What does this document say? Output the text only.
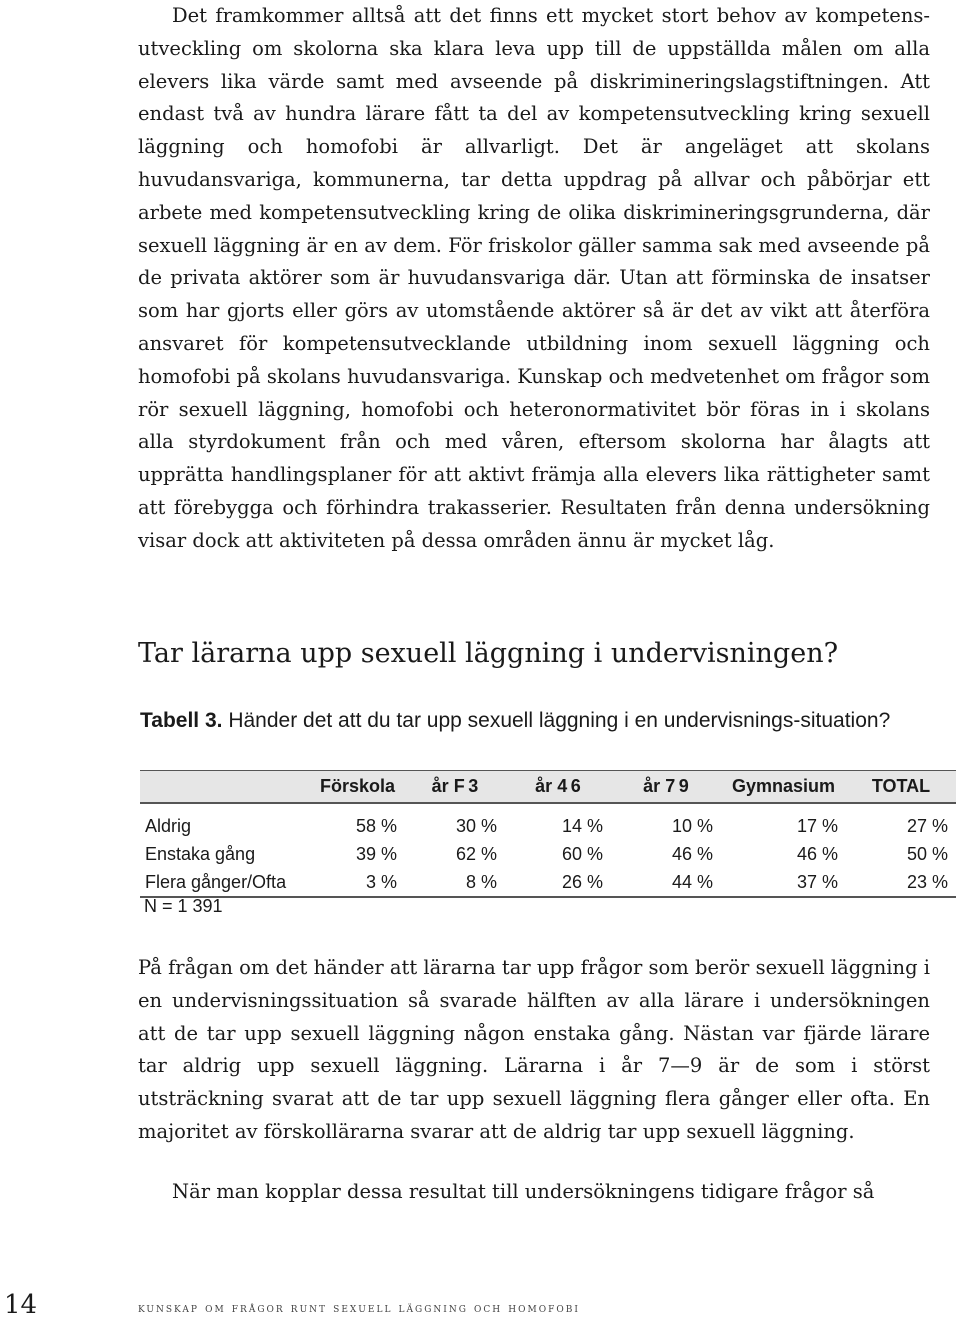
Det framkommer alltså att det finns ett mycket stort behov av kompetensutveckling om skolorna ska klara leva upp till de uppställda målen om alla elevers lika värde samt med avseende på diskrimineringslagstiftningen. Att endast två av hundra lärare fått ta del av kompetensutveckling kring sexuell läggning och homofobi är allvarligt. Det är angeläget att skolans huvudansvariga, kommunerna, tar detta uppdrag på allvar och påbörjar ett arbete med kompetensutveckling kring de olika diskrimineringsgrunderna, där sexuell läggning är en av dem. För friskolor gäller samma sak med avseende på de privata aktörer som är huvudansvariga där. Utan att förminska de insatser som har gjorts eller görs av utomstående aktörer så är det av vikt att återföra ansvaret för kompetensutvecklande utbildning inom sexuell läggning och homofobi på skolans huvudansvariga. Kunskap och medvetenhet om frågor som rör sexuell läggning, homofobi och heteronormativitet bör föras in i skolans alla styrdokument från och med våren, eftersom skolorna har ålagts att upprätta handlingsplaner för att aktivt främja alla elevers lika rättigheter samt att förebygga och förhindra trakasserier. Resultaten från denna undersökning visar dock att aktiviteten på dessa områden ännu är mycket låg.

Tar lärarna upp sexuell läggning i undervisningen?

Tabell 3. Händer det att du tar upp sexuell läggning i en undervisnings-situation?

	Förskola	år F 3	år 4 6	år 7 9	Gymnasium	TOTAL
Aldrig	58 %	30 %	14 %	10 %	17 %	27 %
Enstaka gång	39 %	62 %	60 %	46 %	46 %	50 %
Flera gånger/Ofta	3 %	8 %	26 %	44 %	37 %	23 %

N = 1 391

På frågan om det händer att lärarna tar upp frågor som berör sexuell läggning i en undervisningssituation så svarade hälften av alla lärare i undersökningen att de tar upp sexuell läggning någon enstaka gång. Nästan var fjärde lärare tar aldrig upp sexuell läggning. Lärarna i år 7—9 är de som i störst utsträckning svarat att de tar upp sexuell läggning flera gånger eller ofta. En majoritet av förskollärarna svarar att de aldrig tar upp sexuell läggning.

När man kopplar dessa resultat till undersökningens tidigare frågor så

14	kunskap om frågor runt sexuell läggning och homofobi
